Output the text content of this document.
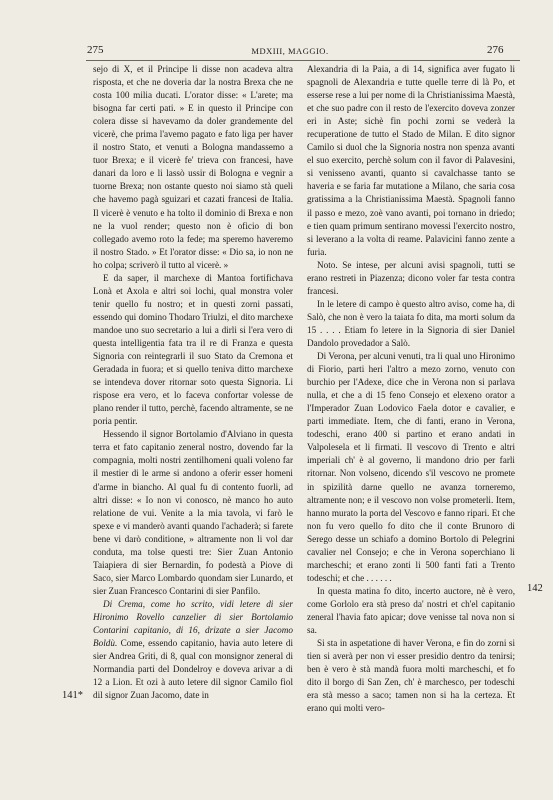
275	MDXIII, MAGGIO.	276
141*
142

sejo di X, et il Principe li disse non acadeva altra risposta, et che ne doveria dar la nostra Brexa che ne costa 100 milia ducati. L'orator disse: « L'arete; ma bisogna far certi pati. » E in questo il Principe con colera disse si havevamo da doler grandemente del vicerè, che prima l'avemo pagato e fato liga per haver il nostro Stato, et venuti a Bologna mandassemo a tuor Brexa; e il vicerè fe' trieva con francesi, have danari da loro e li lassò ussir di Bologna e vegnir a tuorne Brexa; non ostante questo noi siamo stà queli che havemo pagà sguizari et cazati francesi de Italia. Il vicerè è venuto e ha tolto il dominio di Brexa e non ne la vuol render; questo non è oficio di bon collegado avemo roto la fede; ma speremo haveremo il nostro Stado. » Et l'orator disse: « Dio sa, io non ne ho colpa; scriverò il tutto al vicerè. »

E da saper, il marchexe di Mantoa fortifichava Lonà et Axola e altri soi lochi, qual monstra voler tenir quello fu nostro; et in questi zorni passati, essendo qui domino Thodaro Triulzi, el dito marchexe mandoe uno suo secretario a lui a dirli si l'era vero di questa intelligentia fata tra il re di Franza e questa Signoria con reintegrarli il suo Stato da Cremona et Geradada in fuora; et si quello teniva ditto marchexe se intendeva dover ritornar soto questa Signoria. Li rispose era vero, et lo faceva confortar volesse de plano render il tutto, perchè, facendo altramente, se ne poria pentir.

Hessendo il signor Bortolamio d'Alviano in questa terra et fato capitanio zeneral nostro, dovendo far la compagnia, molti nostri zentilhomeni quali voleno far il mestier di le arme si andono a oferir esser homeni d'arme in biancho. Al qual fu di contento fuorli, ad altri disse: « Io non vi conosco, nè manco ho auto relatione de vui. Venite a la mia tavola, vi farò le spexe e vi manderò avanti quando l'achaderà; si farete bene vi darò conditione, » altramente non li vol dar conduta, ma tolse questi tre: Sier Zuan Antonio Taiapiera di sier Bernardin, fo podestà a Piove di Saco, sier Marco Lombardo quondam sier Lunardo, et sier Zuan Francesco Contarini di sier Panfilo.

Di Crema, come ho scrito, vidi letere di sier Hironimo Rovello canzelier di sier Bortolamio Contarini capitanio, di 16, drizate a sier Jacomo Boldù. Come, essendo capitanio, havia auto letere di sier Andrea Griti, di 8, qual con monsignor zeneral di Normandia parti del Dondelroy e doveva arivar a di 12 a Lion. Et ozi à auto letere dil signor Camilo fiol dil signor Zuan Jacomo, date in

Alexandria di la Paia, a di 14, significa aver fugato li spagnoli de Alexandria e tutte quelle terre di là Po, et esserse rese a lui per nome di la Christianissima Maestà, et che suo padre con il resto de l'exercito doveva zonzer eri in Aste; sichè fin pochi zorni se vederà la recuperatione de tutto el Stado de Milan. E dito signor Camilo si duol che la Signoria nostra non spenza avanti el suo exercito, perchè solum con il favor di Palavesini, si venisseno avanti, quanto si cavalchasse tanto se haveria e se faria far mutatione a Milano, che saria cosa gratissima a la Christianissima Maestà. Spagnoli fanno il passo e mezo, zoè vano avanti, poi tornano in driedo; e tien quam primum sentirano movessi l'exercito nostro, si leverano a la volta di reame. Palavicini fanno zente a furia.

Noto. Se intese, per alcuni avisi spagnoli, tutti se erano restreti in Piazenza; dicono voler far testa contra francesi.

In le letere di campo è questo altro aviso, come ha, di Salò, che non è vero la taiata fo dita, ma morti solum da 15 . . . . Etiam fo letere in la Signoria di sier Daniel Dandolo provedador a Salò.

Di Verona, per alcuni venuti, tra li qual uno Hironimo di Fiorio, parti heri l'altro a mezo zorno, venuto con burchio per l'Adexe, dice che in Verona non si parlava nulla, et che a di 15 feno Consejo et elexeno orator a l'Imperador Zuan Lodovico Faela dotor e cavalier, e parti immediate. Item, che di fanti, erano in Verona, todeschi, erano 400 si partino et erano andati in Valpolesela et li firmati. Il vescovo di Trento e altri imperiali ch' è al governo, li mandono drio per farli ritornar. Non volseno, dicendo s'il vescovo ne promete in spizilità darne quello ne avanza torneremo, altramente non; e il vescovo non volse prometerli. Item, hanno murato la porta del Vescovo e fanno ripari. Et che non fu vero quello fo dito che il conte Brunoro di Serego desse un schiafo a domino Bortolo di Pelegrini cavalier nel Consejo; e che in Verona soperchiano li marcheschi; et erano zonti li 500 fanti fati a Trento todeschi; et che . . . . . .

In questa matina fo dito, incerto auctore, nè è vero, come Gorlolo era stà preso da' nostri et ch'el capitanio zeneral l'havia fato apicar; dove venisse tal nova non si sa.

Si sta in aspetatione di haver Verona, e fin do zorni si tien si averà per non vi esser presidio dentro da tenirsi; ben è vero è stà mandà fuora molti marcheschi, et fo dito il borgo di San Zen, ch' è marchesco, per todeschi era stà messo a saco; tamen non si ha la certeza. Et erano qui molti vero-
